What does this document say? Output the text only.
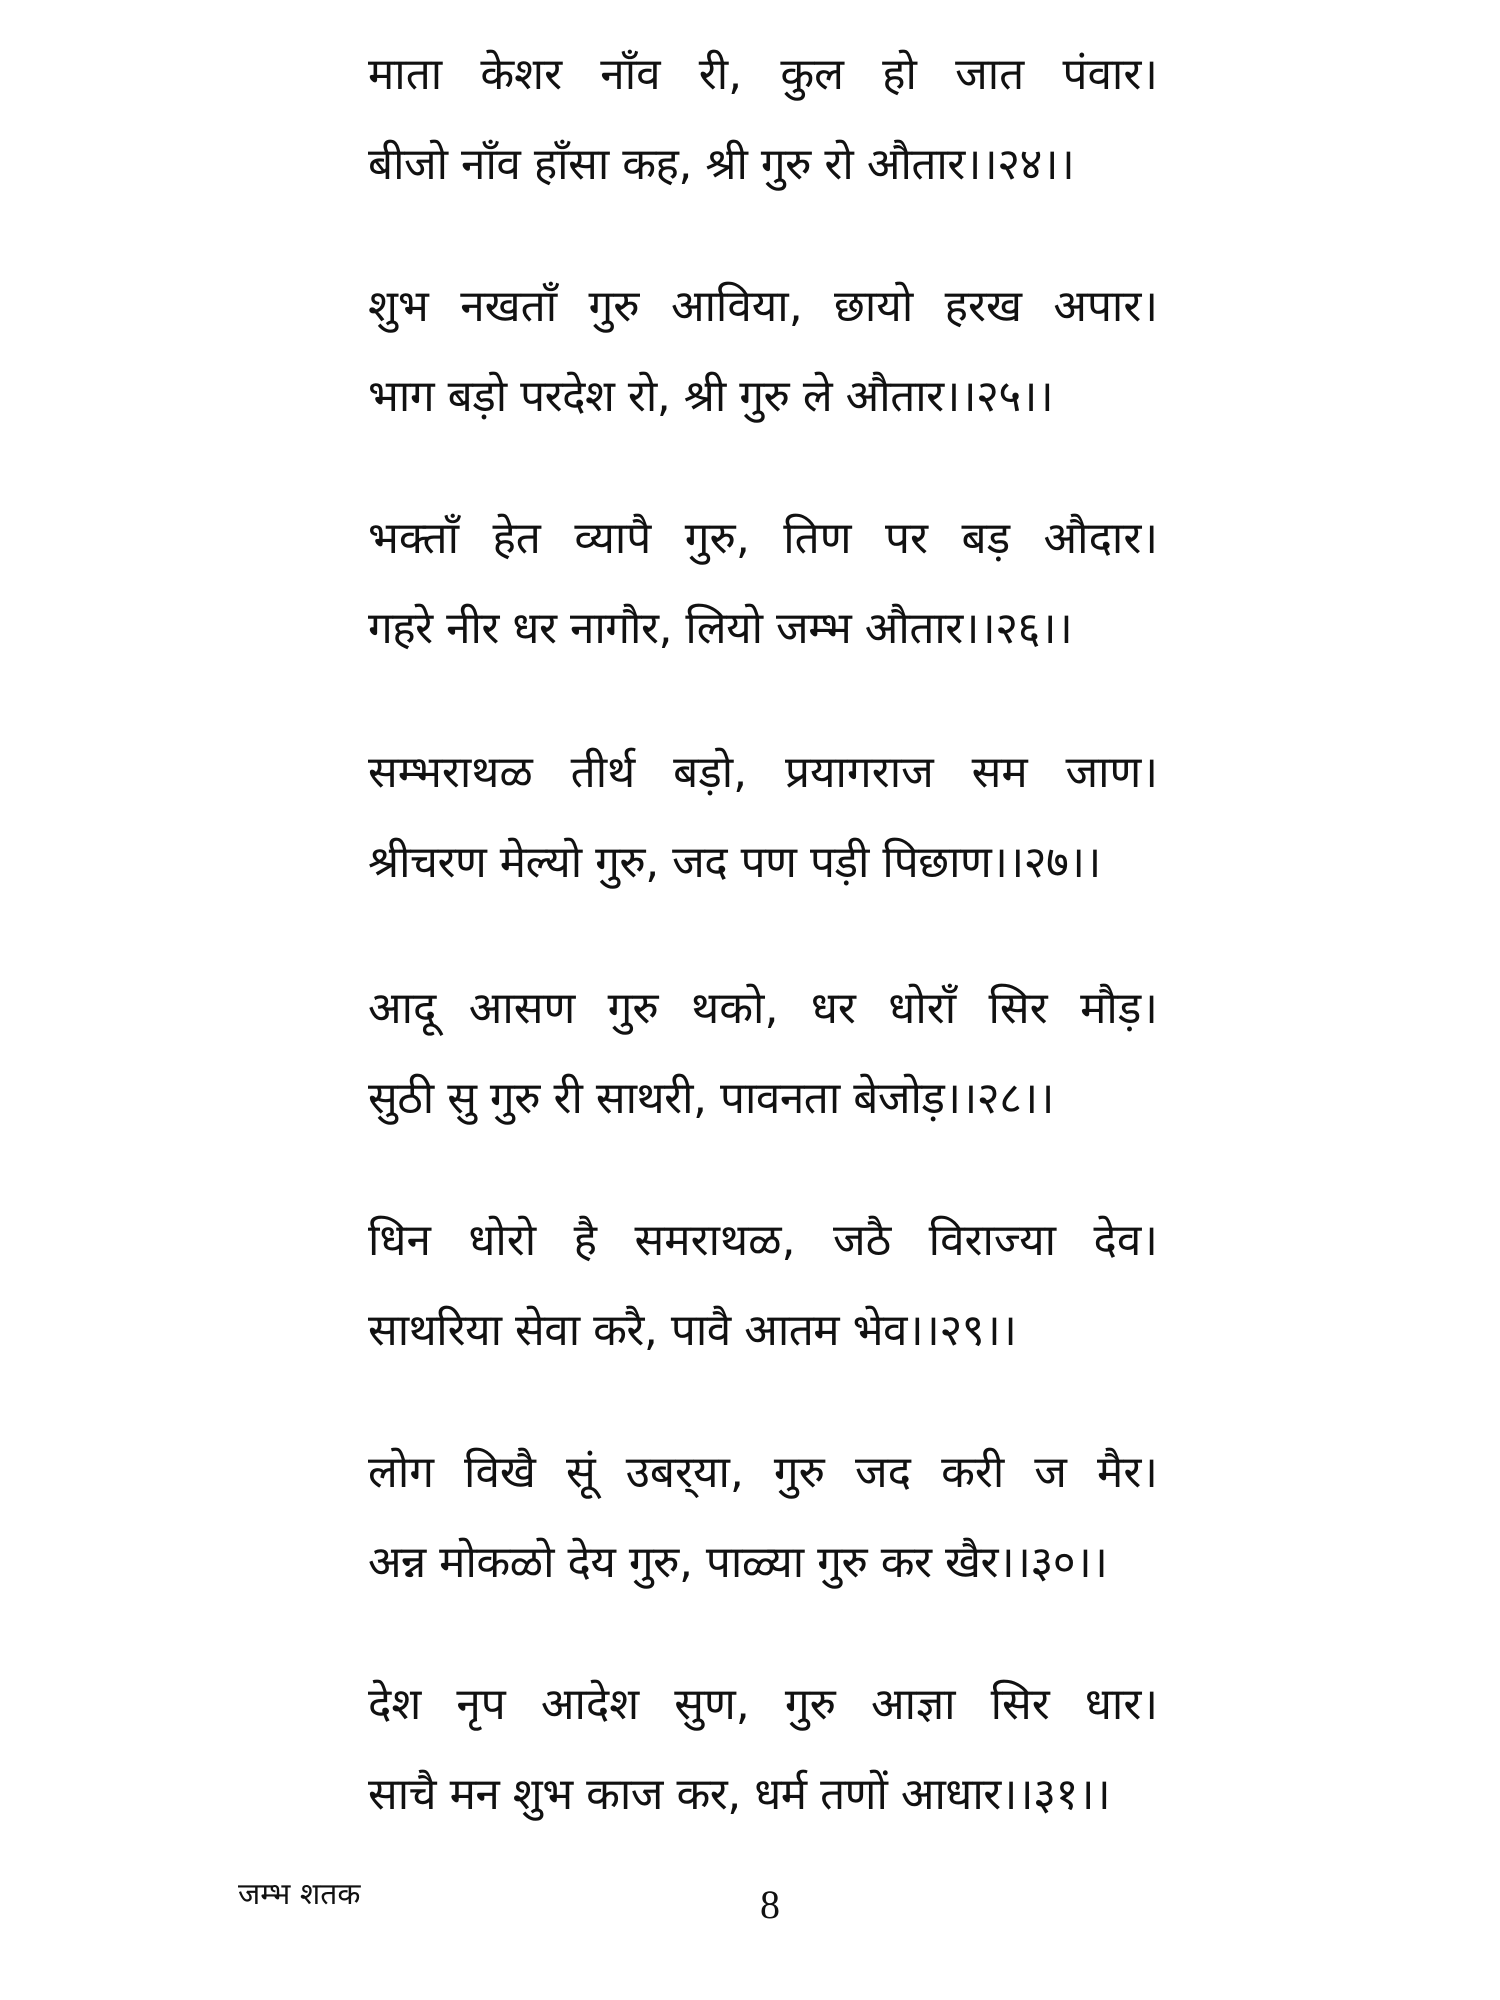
माता केशर नाँव री, कुल हो जात पंवार।
बीजो नाँव हाँसा कह, श्री गुरु रो औतार।।२४।।
शुभ नखताँ गुरु आविया, छायो हरख अपार।
भाग बड़ो परदेश रो, श्री गुरु ले औतार।।२५।।
भक्ताँ हेत व्यापै गुरु, तिण पर बड़ औदार।
गहरे नीर धर नागौर, लियो जम्भ औतार।।२६।।
सम्भराथळ तीर्थ बड़ो, प्रयागराज सम जाण।
श्रीचरण मेल्यो गुरु, जद पण पड़ी पिछाण।।२७।।
आदू आसण गुरु थको, धर धोराँ सिर मौड़।
सुठी सु गुरु री साथरी, पावनता बेजोड़।।२८।।
धिन धोरो है समराथळ, जठै विराज्या देव।
साथरिया सेवा करै, पावै आतम भेव।।२९।।
लोग विखै सूं उबर्‌या, गुरु जद करी ज मैर।
अन्न मोकळो देय गुरु, पाळ्या गुरु कर खैर।।३०।।
देश नृप आदेश सुण, गुरु आज्ञा सिर धार।
साचै मन शुभ काज कर, धर्म तणों आधार।।३१।।
जम्भ शतक	8
